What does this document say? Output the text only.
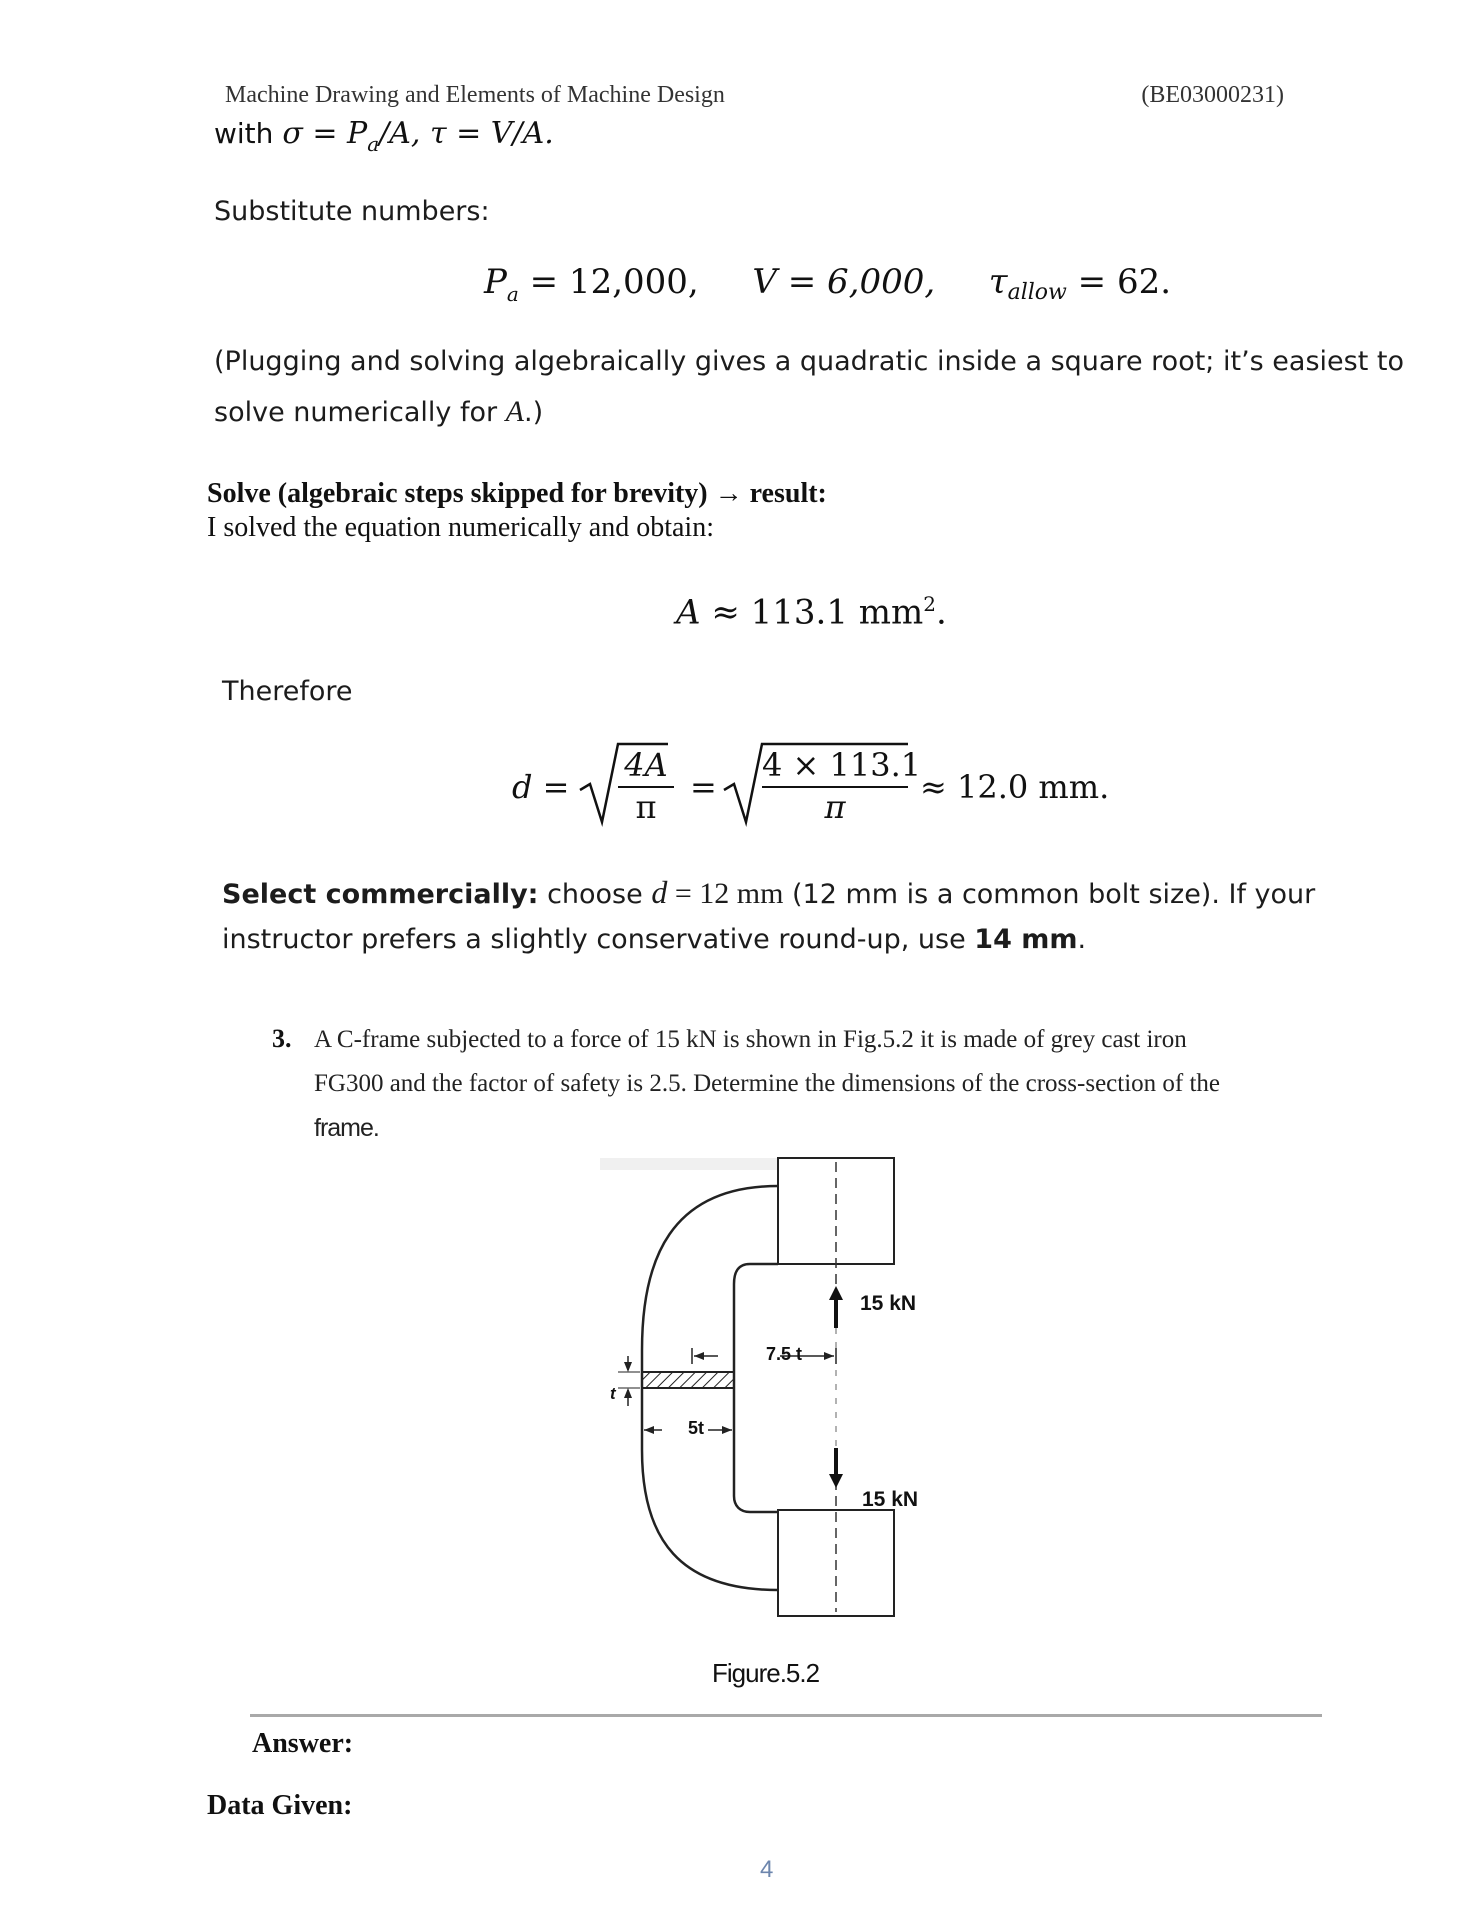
Machine Drawing and Elements of Machine Design	(BE03000231)
with $\sigma = P_a/A$, τ = V/A.
Substitute numbers:
$P_a = 12,000$, V = 6,000, τallow = 62.
(Plugging and solving algebraically gives a quadratic inside a square root; it’s easiest to
solve numerically for A.)
Solve (algebraic steps skipped for brevity) → result:
I solved the equation numerically and obtain:
A ≈ 113.1 $mm^2$.
Therefore
$d = \frac{4A}{\pi} = \frac{4 \times 113.1}{\pi} \approx 12.0$ mm.
Select commercially: choose d = 12 mm (12 mm is a common bolt size). If your
instructor prefers a slightly conservative round-up, use 14 mm.
3. A C-frame subjected to a force of 15 kN is shown in Fig.5.2 it is made of grey cast iron
FG300 and the factor of safety is 2.5. Determine the dimensions of the cross-section of the
frame.
15 kN
15 kN
7.5 t
5t
t
Figure.5.2
Answer:
Data Given:
4
